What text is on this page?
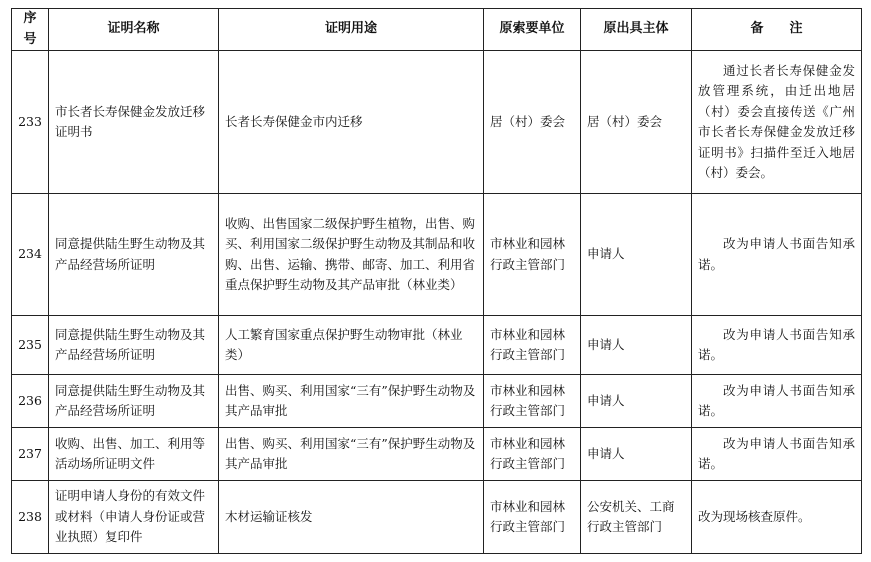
序号	证明名称	证明用途	原索要单位	原出具主体	备　　注
233	市长者长寿保健金发放迁移证明书	长者长寿保健金市内迁移	居（村）委会	居（村）委会	通过长者长寿保健金发放管理系统，由迁出地居（村）委会直接传送《广州市长者长寿保健金发放迁移证明书》扫描件至迁入地居（村）委会。

234	同意提供陆生野生动物及其产品经营场所证明	收购、出售国家二级保护野生植物，出售、购买、利用国家二级保护野生动物及其制品和收购、出售、运输、携带、邮寄、加工、利用省重点保护野生动物及其产品审批（林业类）	市林业和园林行政主管部门	申请人	改为申请人书面告知承诺。

235	同意提供陆生野生动物及其产品经营场所证明	人工繁育国家重点保护野生动物审批（林业类）	市林业和园林行政主管部门	申请人	改为申请人书面告知承诺。

236	同意提供陆生野生动物及其产品经营场所证明	出售、购买、利用国家“三有”保护野生动物及其产品审批	市林业和园林行政主管部门	申请人	改为申请人书面告知承诺。

237	收购、出售、加工、利用等活动场所证明文件	出售、购买、利用国家“三有”保护野生动物及其产品审批	市林业和园林行政主管部门	申请人	改为申请人书面告知承诺。

238	证明申请人身份的有效文件或材料（申请人身份证或营业执照）复印件	木材运输证核发	市林业和园林行政主管部门	公安机关、工商行政主管部门	改为现场核查原件。
